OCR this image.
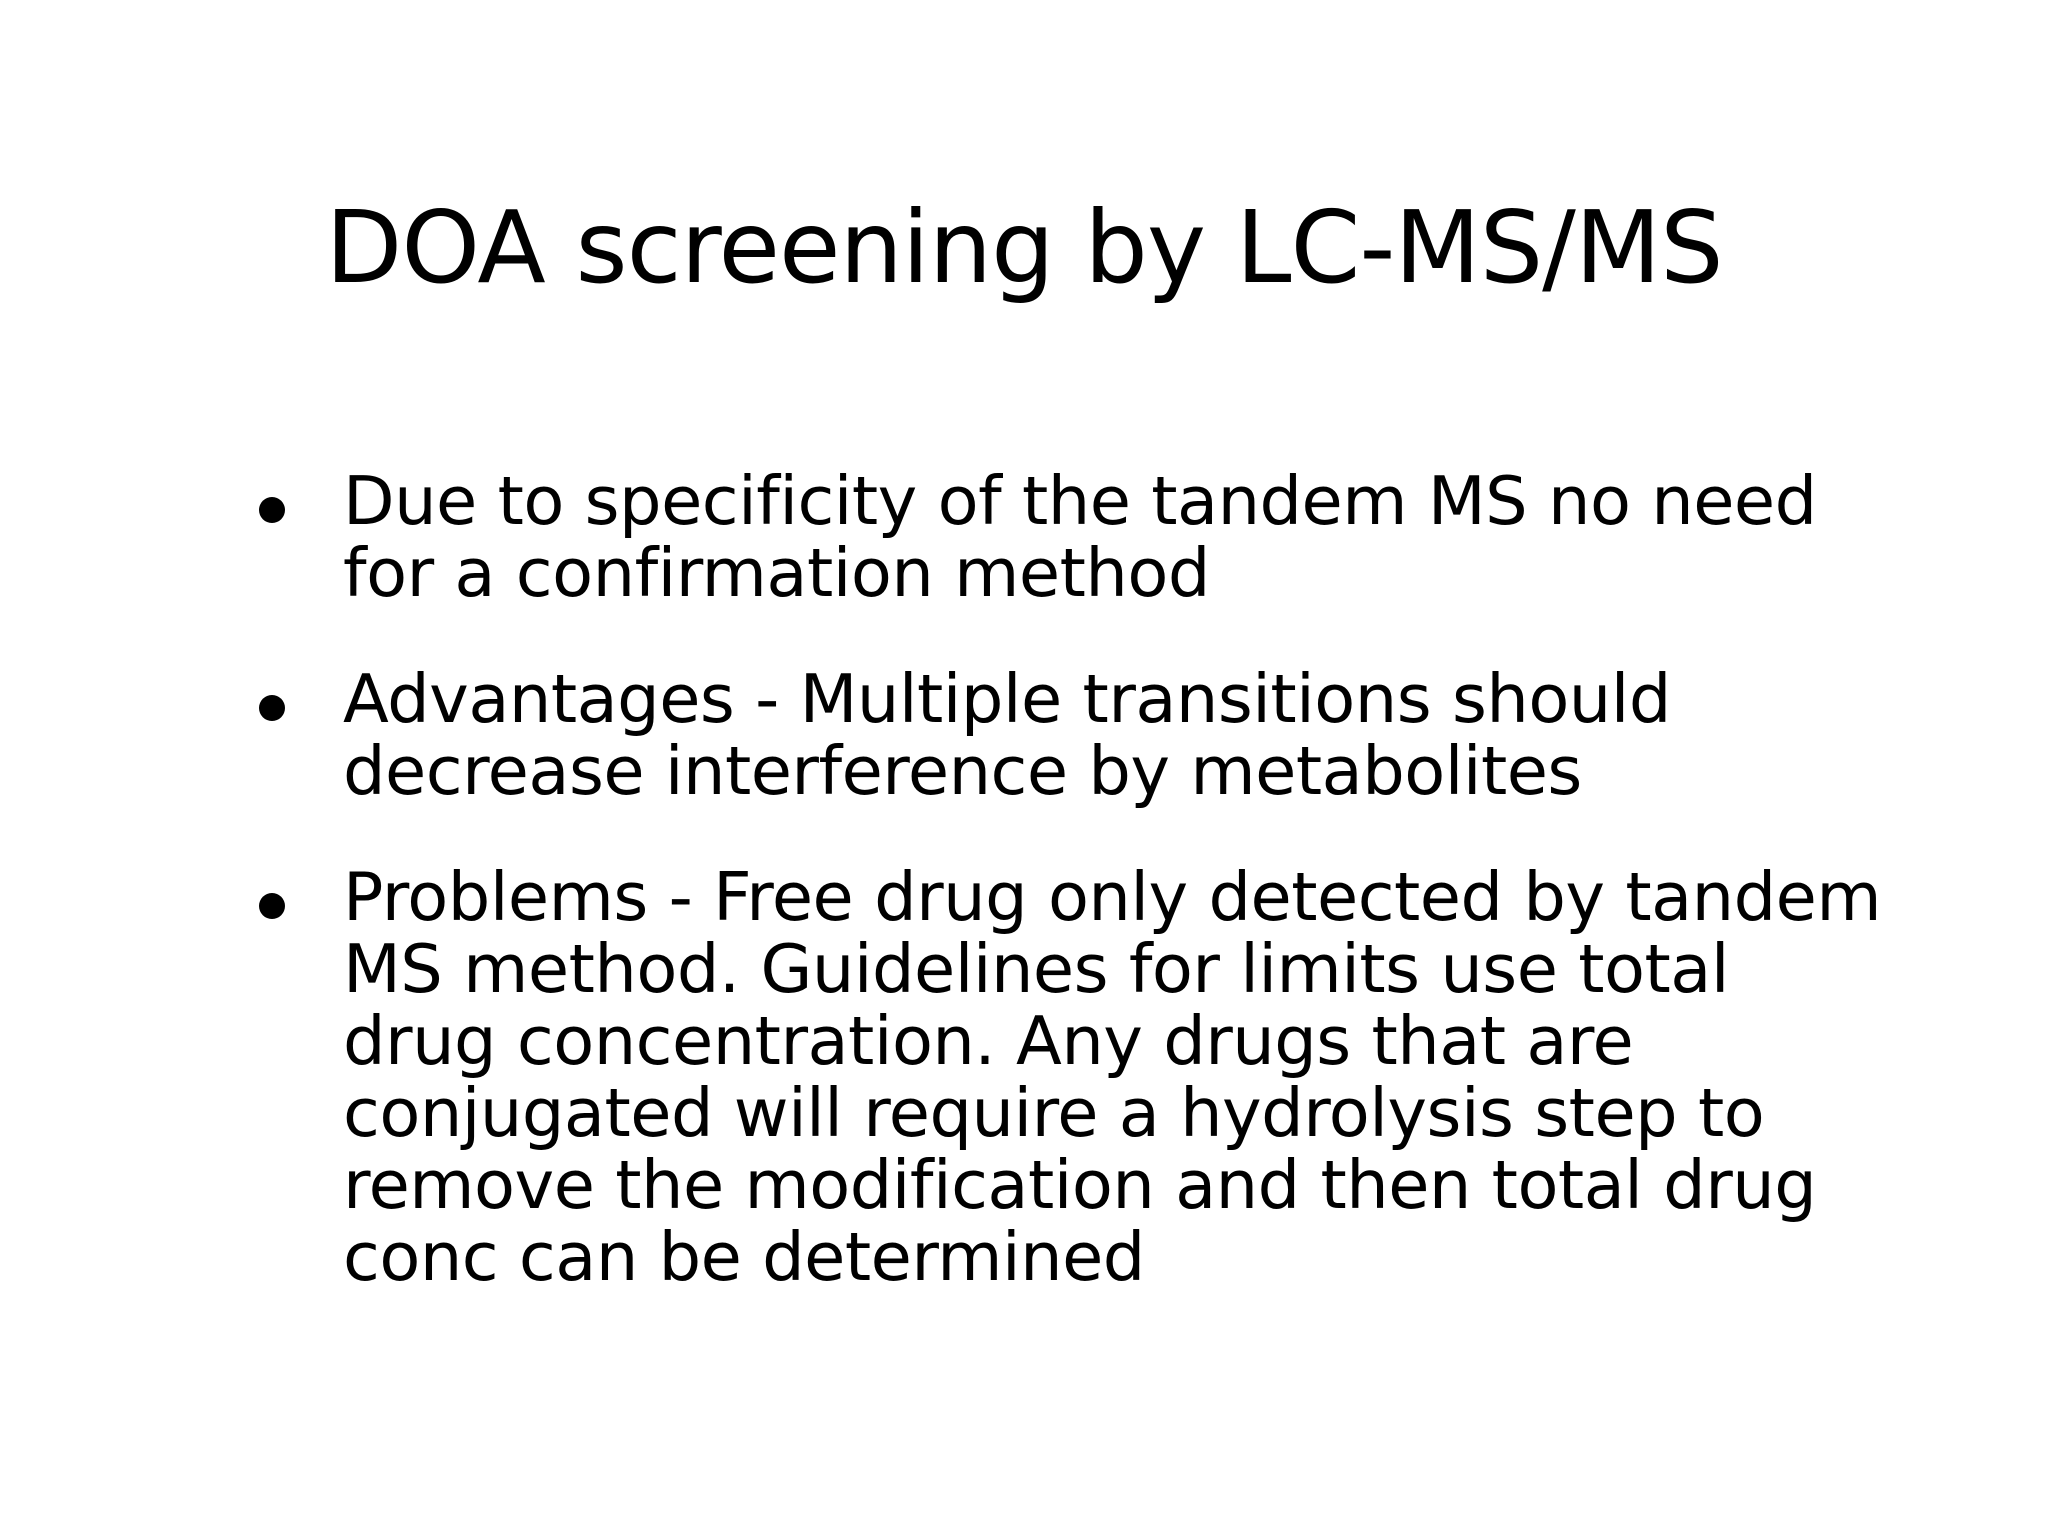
DOA screening by LC-MS/MS
Due to specificity of the tandem MS no need
for a confirmation method
Advantages - Multiple transitions should
decrease interference by metabolites
Problems - Free drug only detected by tandem
MS method. Guidelines for limits use total
drug concentration. Any drugs that are
conjugated will require a hydrolysis step to
remove the modification and then total drug
conc can be determined
